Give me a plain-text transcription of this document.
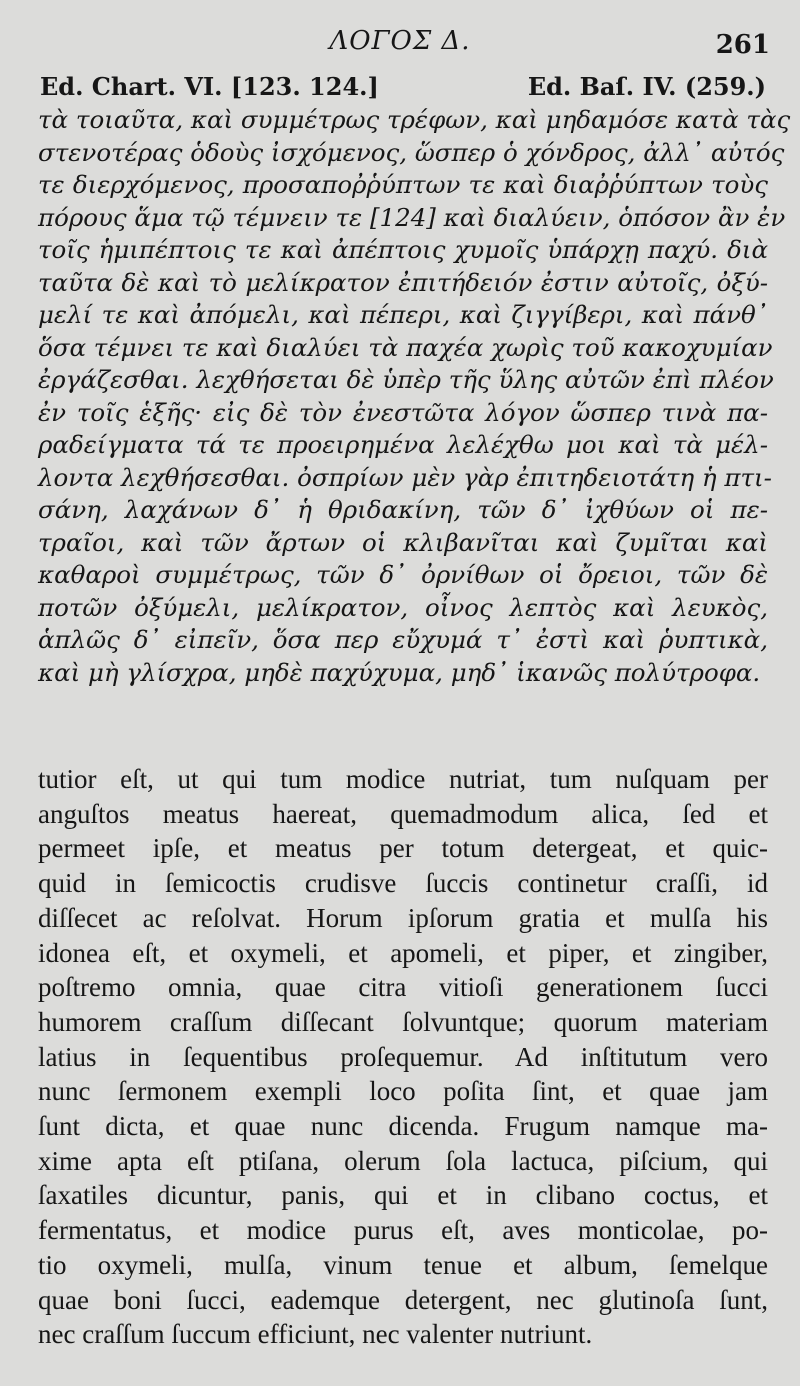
ΛΟΓΟΣ Δ.	261
Ed. Chart. VI. [123. 124.]	Ed. Baſ. IV. (259.)
τὰ τοιαῦτα, καὶ συμμέτρως τρέφων, καὶ μηδαμόσε κατὰ τὰς
στενοτέρας ὁδοὺς ἰσχόμενος, ὥσπερ ὁ χόνδρος, ἀλλ᾽ αὐτός
τε διερχόμενος, προσαποῤῥύπτων τε καὶ διαῤῥύπτων τοὺς
πόρους ἅμα τῷ τέμνειν τε [124] καὶ διαλύειν, ὁπόσον ἂν ἐν
τοῖς ἡμιπέπτοις τε καὶ ἀπέπτοις χυμοῖς ὑπάρχῃ παχύ. διὰ
ταῦτα δὲ καὶ τὸ μελίκρατον ἐπιτήδειόν ἐστιν αὐτοῖς, ὀξύ-
μελί τε καὶ ἀπόμελι, καὶ πέπερι, καὶ ζιγγίβερι, καὶ πάνθ᾽
ὅσα τέμνει τε καὶ διαλύει τὰ παχέα χωρὶς τοῦ κακοχυμίαν
ἐργάζεσθαι. λεχθήσεται δὲ ὑπὲρ τῆς ὕλης αὐτῶν ἐπὶ πλέον
ἐν τοῖς ἑξῆς· εἰς δὲ τὸν ἐνεστῶτα λόγον ὥσπερ τινὰ πα-
ραδείγματα τά τε προειρημένα λελέχθω μοι καὶ τὰ μέλ-
λοντα λεχθήσεσθαι. ὀσπρίων μὲν γὰρ ἐπιτηδειοτάτη ἡ πτι-
σάνη, λαχάνων δ᾽ ἡ θριδακίνη, τῶν δ᾽ ἰχθύων οἱ πε-
τραῖοι, καὶ τῶν ἄρτων οἱ κλιβανῖται καὶ ζυμῖται καὶ
καθαροὶ συμμέτρως, τῶν δ᾽ ὀρνίθων οἱ ὄρειοι, τῶν δὲ
ποτῶν ὀξύμελι, μελίκρατον, οἶνος λεπτὸς καὶ λευκὸς,
ἁπλῶς δ᾽ εἰπεῖν, ὅσα περ εὔχυμά τ᾽ ἐστὶ καὶ ῥυπτικὰ,
καὶ μὴ γλίσχρα, μηδὲ παχύχυμα, μηδ᾽ ἱκανῶς πολύτροφα.
tutior eſt, ut qui tum modice nutriat, tum nuſquam per
anguſtos meatus haereat, quemadmodum alica, ſed et
permeet ipſe, et meatus per totum detergeat, et quic-
quid in ſemicoctis crudisve ſuccis continetur craſſi, id
diſſecet ac reſolvat. Horum ipſorum gratia et mulſa his
idonea eſt, et oxymeli, et apomeli, et piper, et zingiber,
poſtremo omnia, quae citra vitioſi generationem ſucci
humorem craſſum diſſecant ſolvuntque; quorum materiam
latius in ſequentibus proſequemur. Ad inſtitutum vero
nunc ſermonem exempli loco poſita ſint, et quae jam
ſunt dicta, et quae nunc dicenda. Frugum namque ma-
xime apta eſt ptiſana, olerum ſola lactuca, piſcium, qui
ſaxatiles dicuntur, panis, qui et in clibano coctus, et
fermentatus, et modice purus eſt, aves monticolae, po-
tio oxymeli, mulſa, vinum tenue et album, ſemelque
quae boni ſucci, eademque detergent, nec glutinoſa ſunt,
nec craſſum ſuccum efficiunt, nec valenter nutriunt.
